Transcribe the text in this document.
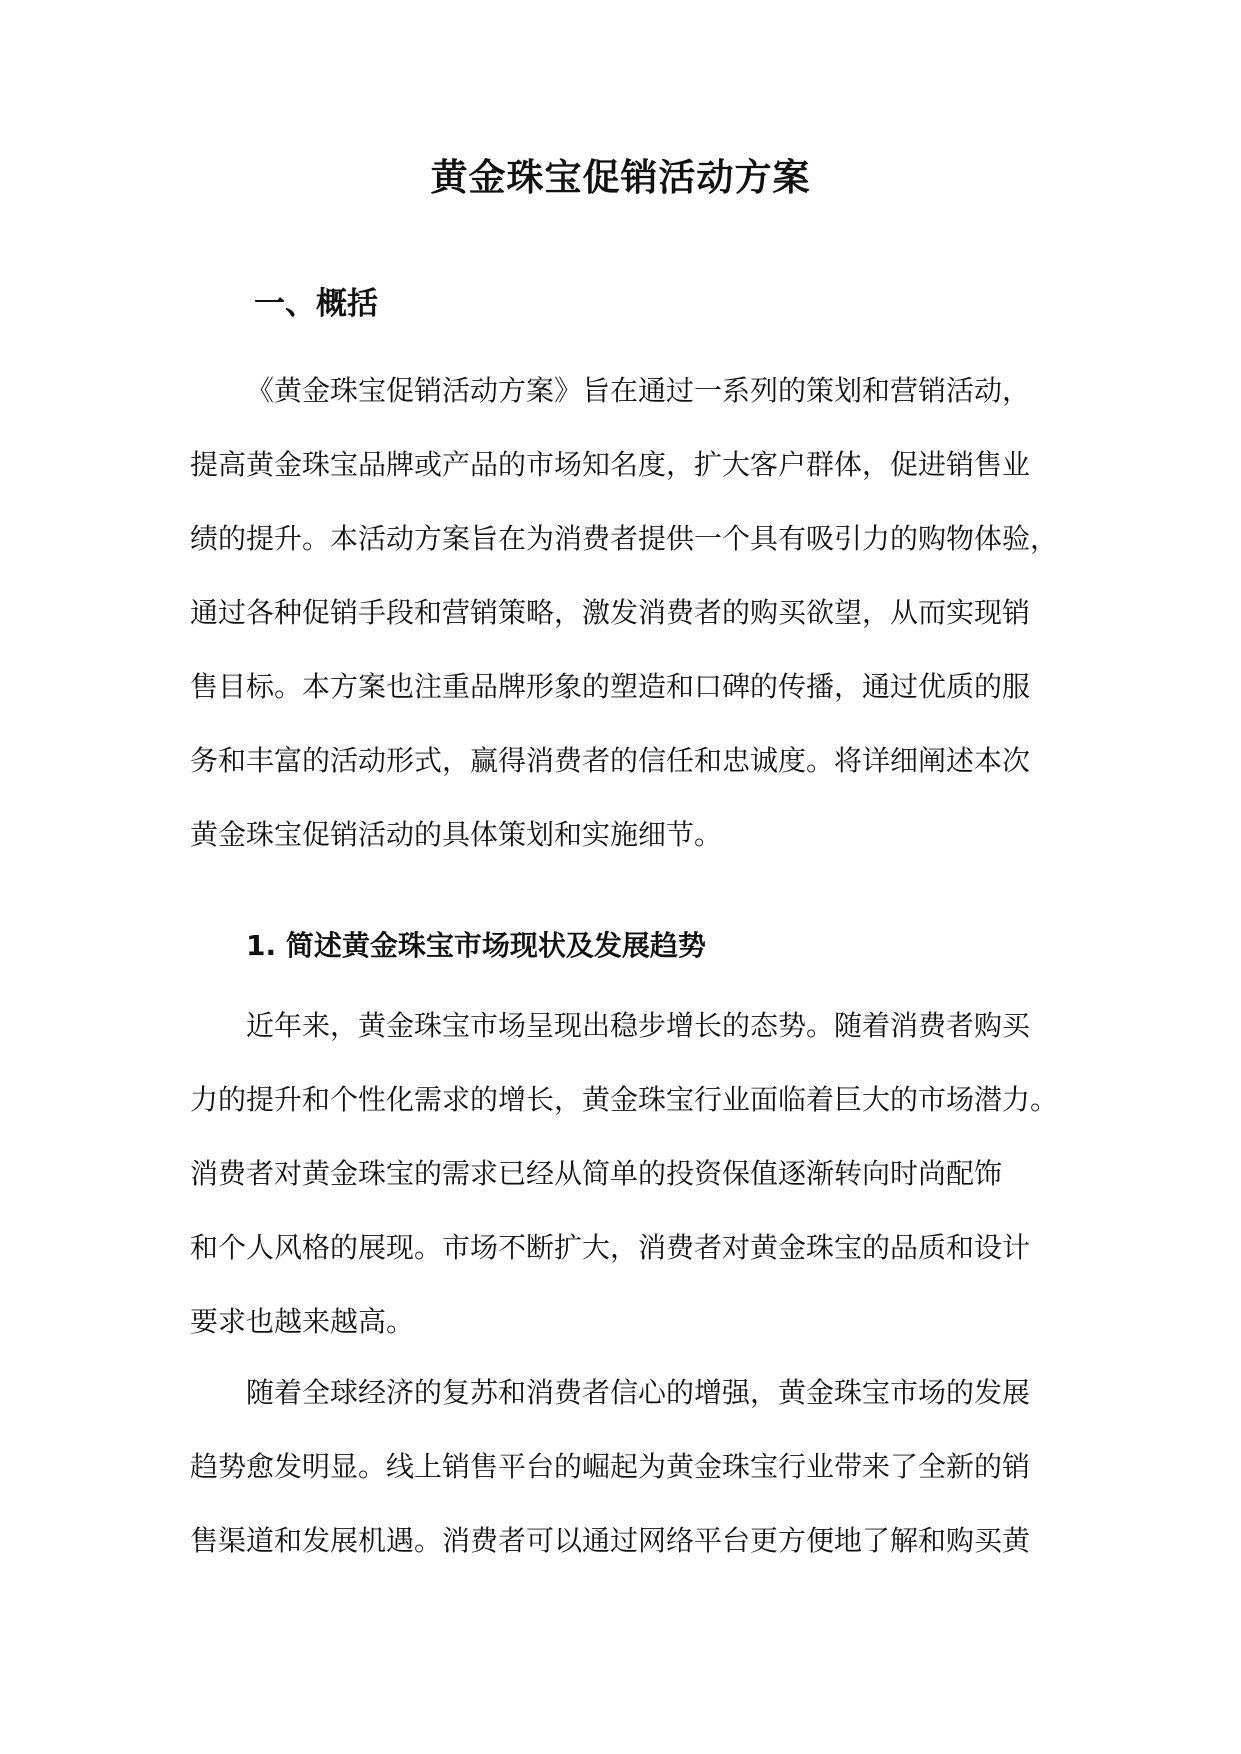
黄金珠宝促销活动方案
一、概括
《黄金珠宝促销活动方案》旨在通过一系列的策划和营销活动，
提高黄金珠宝品牌或产品的市场知名度，扩大客户群体，促进销售业
绩的提升。本活动方案旨在为消费者提供一个具有吸引力的购物体验，
通过各种促销手段和营销策略，激发消费者的购买欲望，从而实现销
售目标。本方案也注重品牌形象的塑造和口碑的传播，通过优质的服
务和丰富的活动形式，赢得消费者的信任和忠诚度。将详细阐述本次
黄金珠宝促销活动的具体策划和实施细节。
1. 简述黄金珠宝市场现状及发展趋势
近年来，黄金珠宝市场呈现出稳步增长的态势。随着消费者购买
力的提升和个性化需求的增长，黄金珠宝行业面临着巨大的市场潜力。
消费者对黄金珠宝的需求已经从简单的投资保值逐渐转向时尚配饰
和个人风格的展现。市场不断扩大，消费者对黄金珠宝的品质和设计
要求也越来越高。
随着全球经济的复苏和消费者信心的增强，黄金珠宝市场的发展
趋势愈发明显。线上销售平台的崛起为黄金珠宝行业带来了全新的销
售渠道和发展机遇。消费者可以通过网络平台更方便地了解和购买黄
